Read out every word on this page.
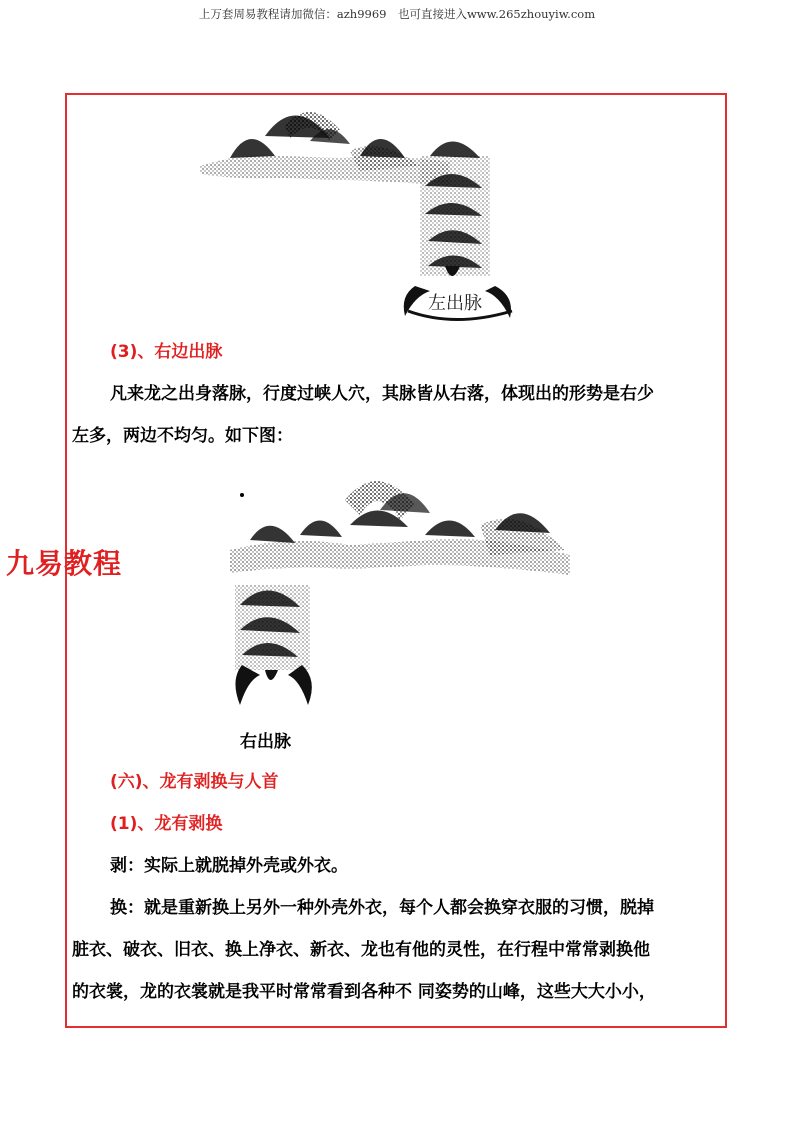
上万套周易教程请加微信：azh9969　也可直接进入www.265zhouyiw.com
左出脉
(3)、右边出脉
凡来龙之出身落脉，行度过峡人穴，其脉皆从右落，体现出的形势是右少
左多，两边不均匀。如下图：
右出脉
(六)、龙有剥换与人首
(1)、龙有剥换
剥：实际上就脱掉外壳或外衣。
换：就是重新换上另外一种外壳外衣，每个人都会换穿衣服的习惯，脱掉
脏衣、破衣、旧衣、换上净衣、新衣、龙也有他的灵性，在行程中常常剥换他
的衣裳，龙的衣裳就是我平时常常看到各种不 同姿势的山峰，这些大大小小，
九易教程
